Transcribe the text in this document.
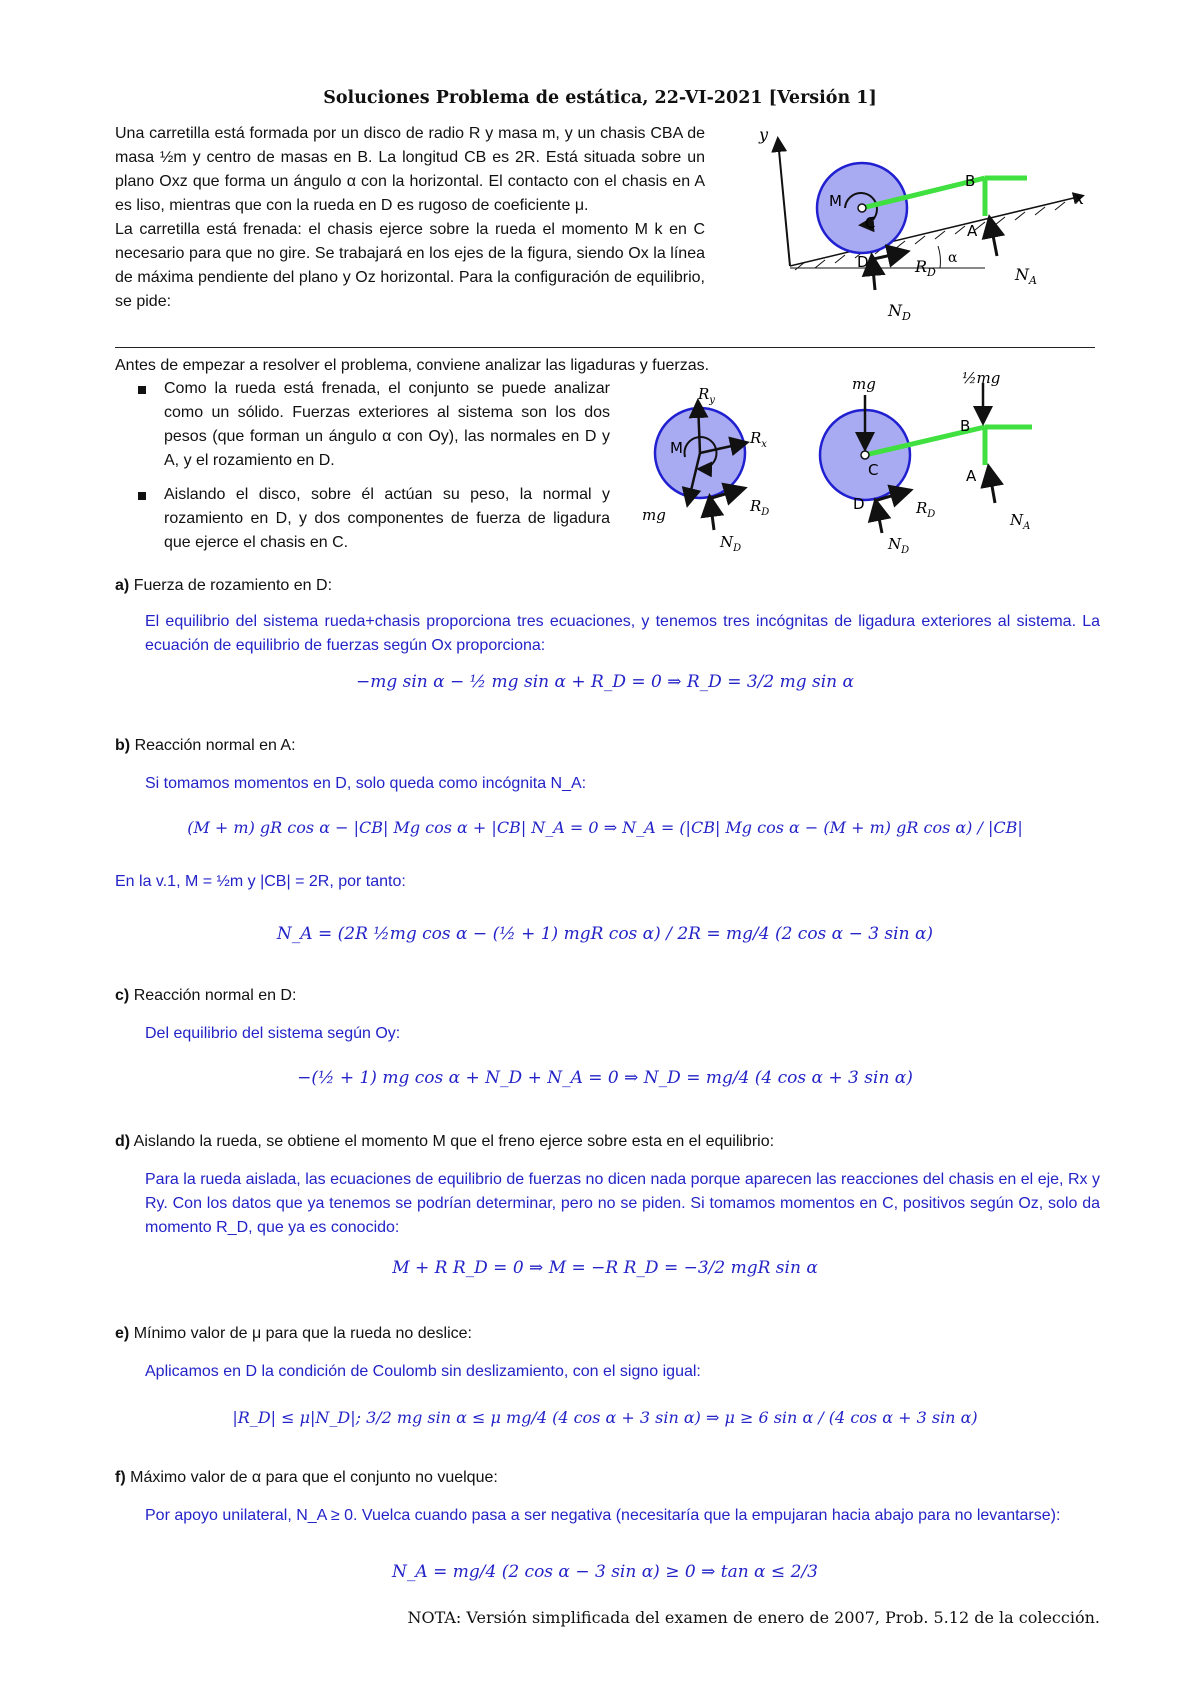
Soluciones Problema de estática, 22-VI-2021 [Versión 1]

Una carretilla está formada por un disco de radio R y masa m, y un chasis CBA de masa ½m y centro de masas en B. La longitud CB es 2R. Está situada sobre un plano Oxz que forma un ángulo α con la horizontal. El contacto con el chasis en A es liso, mientras que con la rueda en D es rugoso de coeficiente μ.

La carretilla está frenada: el chasis ejerce sobre la rueda el momento M k en C necesario para que no gire. Se trabajará en los ejes de la figura, siendo Ox la línea de máxima pendiente del plano y Oz horizontal. Para la configuración de equilibrio, se pide:

y
x
α
M
C
B
A
D
$N_A$
$N_D$
$R_D$
Antes de empezar a resolver el problema, conviene analizar las ligaduras y fuerzas.

Como la rueda está frenada, el conjunto se puede analizar como un sólido. Fuerzas exteriores al sistema son los dos pesos (que forman un ángulo α con Oy), las normales en D y A, y el rozamiento en D.

Aislando el disco, sobre él actúan su peso, la normal y rozamiento en D, y dos componentes de fuerza de ligadura que ejerce el chasis en C.

$R_y$
$R_x$
M
mg
$N_D$
$R_D$
C
B
A
D
mg	½mg
$N_A$
$N_D$
$R_D$

a) Fuerza de rozamiento en D:

El equilibrio del sistema rueda+chasis proporciona tres ecuaciones, y tenemos tres incógnitas de ligadura exteriores al sistema. La ecuación de equilibrio de fuerzas según Ox proporciona:

−mg sin α − ½ mg sin α + R_D = 0 ⇒ R_D = 3/2 mg sin α

b) Reacción normal en A:

Si tomamos momentos en D, solo queda como incógnita N_A:

(M + m) gR cos α − |CB| Mg cos α + |CB| N_A = 0 ⇒ N_A = (|CB| Mg cos α − (M + m) gR cos α) / |CB|
En la v.1, M = ½m y |CB| = 2R, por tanto:
N_A = (2R ½mg cos α − (½ + 1) mgR cos α) / 2R = mg/4 (2 cos α − 3 sin α)

c) Reacción normal en D:

Del equilibrio del sistema según Oy:

−(½ + 1) mg cos α + N_D + N_A = 0 ⇒ N_D = mg/4 (4 cos α + 3 sin α)

d) Aislando la rueda, se obtiene el momento M que el freno ejerce sobre esta en el equilibrio:

Para la rueda aislada, las ecuaciones de equilibrio de fuerzas no dicen nada porque aparecen las reacciones del chasis en el eje, Rx y Ry. Con los datos que ya tenemos se podrían determinar, pero no se piden. Si tomamos momentos en C, positivos según Oz, solo da momento R_D, que ya es conocido:

M + R R_D = 0 ⇒ M = −R R_D = −3/2 mgR sin α

e) Mínimo valor de μ para que la rueda no deslice:

Aplicamos en D la condición de Coulomb sin deslizamiento, con el signo igual:

|R_D| ≤ μ|N_D|; 3/2 mg sin α ≤ μ mg/4 (4 cos α + 3 sin α) ⇒ μ ≥ 6 sin α / (4 cos α + 3 sin α)

f) Máximo valor de α para que el conjunto no vuelque:

Por apoyo unilateral, N_A ≥ 0. Vuelca cuando pasa a ser negativa (necesitaría que la empujaran hacia abajo para no levantarse):

N_A = mg/4 (2 cos α − 3 sin α) ≥ 0 ⇒ tan α ≤ 2/3
NOTA: Versión simplificada del examen de enero de 2007, Prob. 5.12 de la colección.
